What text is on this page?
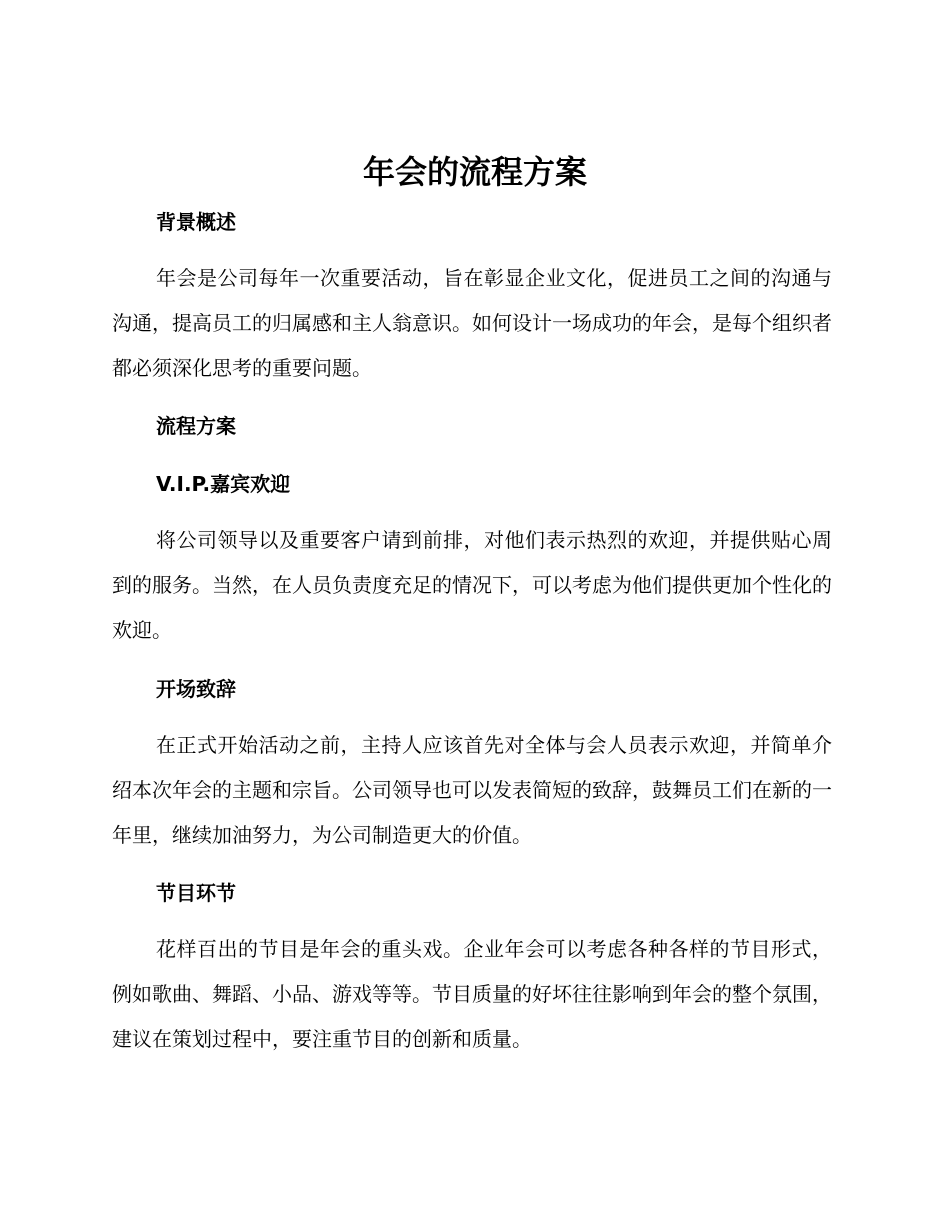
年会的流程方案
背景概述

年会是公司每年一次重要活动，旨在彰显企业文化，促进员工之间的沟通与沟通，提高员工的归属感和主人翁意识。如何设计一场成功的年会，是每个组织者都必须深化思考的重要问题。

流程方案
V.I.P.嘉宾欢迎

将公司领导以及重要客户请到前排，对他们表示热烈的欢迎，并提供贴心周到的服务。当然，在人员负责度充足的情况下，可以考虑为他们提供更加个性化的欢迎。

开场致辞

在正式开始活动之前，主持人应该首先对全体与会人员表示欢迎，并简单介绍本次年会的主题和宗旨。公司领导也可以发表简短的致辞，鼓舞员工们在新的一年里，继续加油努力，为公司制造更大的价值。

节目环节

花样百出的节目是年会的重头戏。企业年会可以考虑各种各样的节目形式，例如歌曲、舞蹈、小品、游戏等等。节目质量的好坏往往影响到年会的整个氛围，建议在策划过程中，要注重节目的创新和质量。
